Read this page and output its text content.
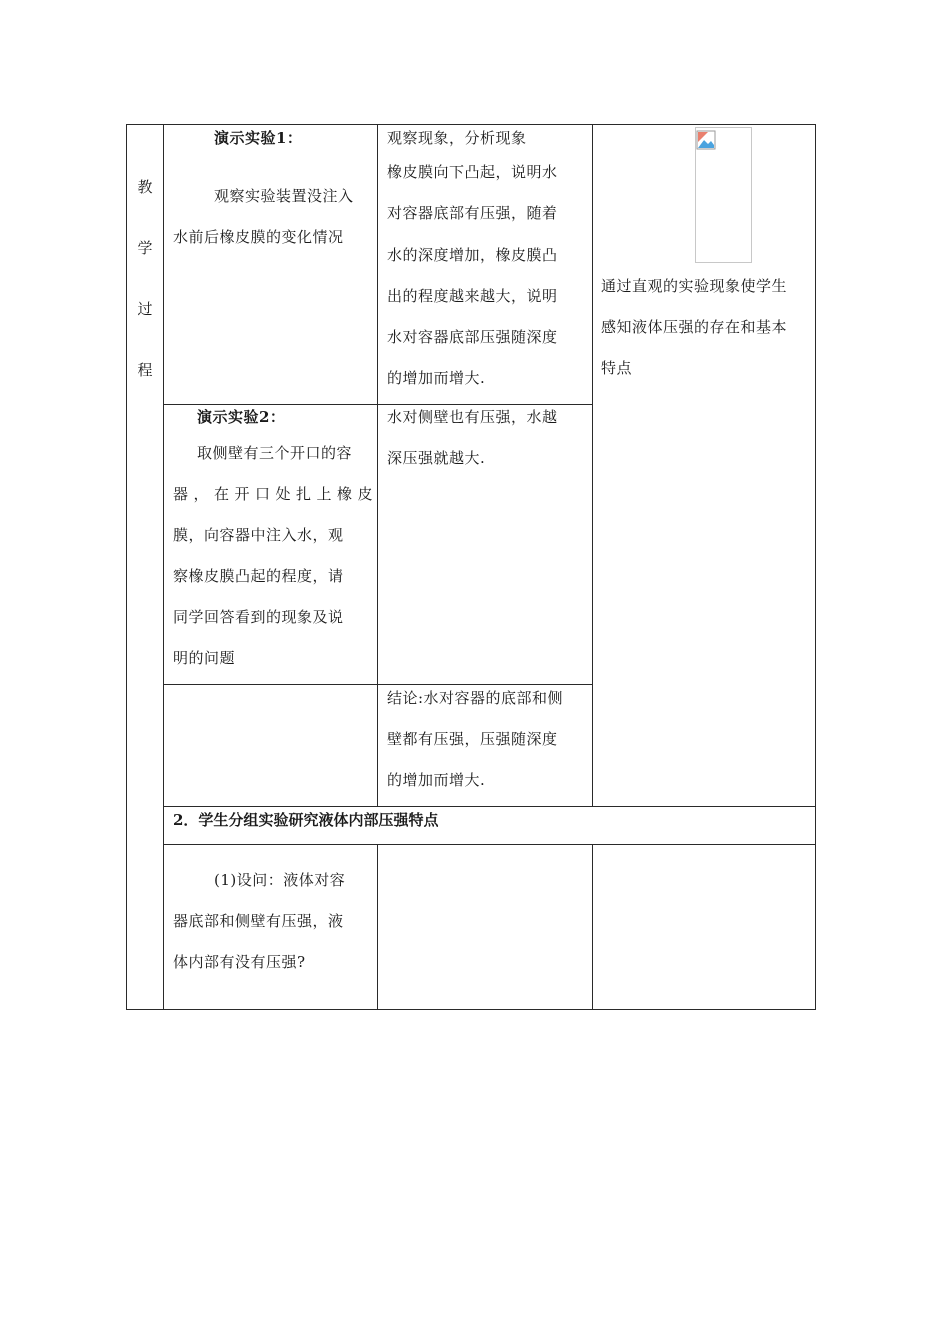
教
学
过
程
演示实验1：
观察实验装置没注入
水前后橡皮膜的变化情况
观察现象，分析现象
橡皮膜向下凸起，说明水
对容器底部有压强，随着
水的深度增加，橡皮膜凸
出的程度越来越大，说明
水对容器底部压强随深度
的增加而增大.
通过直观的实验现象使学生
感知液体压强的存在和基本
特点
演示实验2：
取侧壁有三个开口的容
器，在开口处扎上橡皮
膜，向容器中注入水，观
察橡皮膜凸起的程度，请
同学回答看到的现象及说
明的问题
水对侧壁也有压强，水越
深压强就越大.
结论:水对容器的底部和侧
壁都有压强，压强随深度
的增加而增大.
2．学生分组实验研究液体内部压强特点
(1)设问：液体对容
器底部和侧壁有压强，液
体内部有没有压强?
